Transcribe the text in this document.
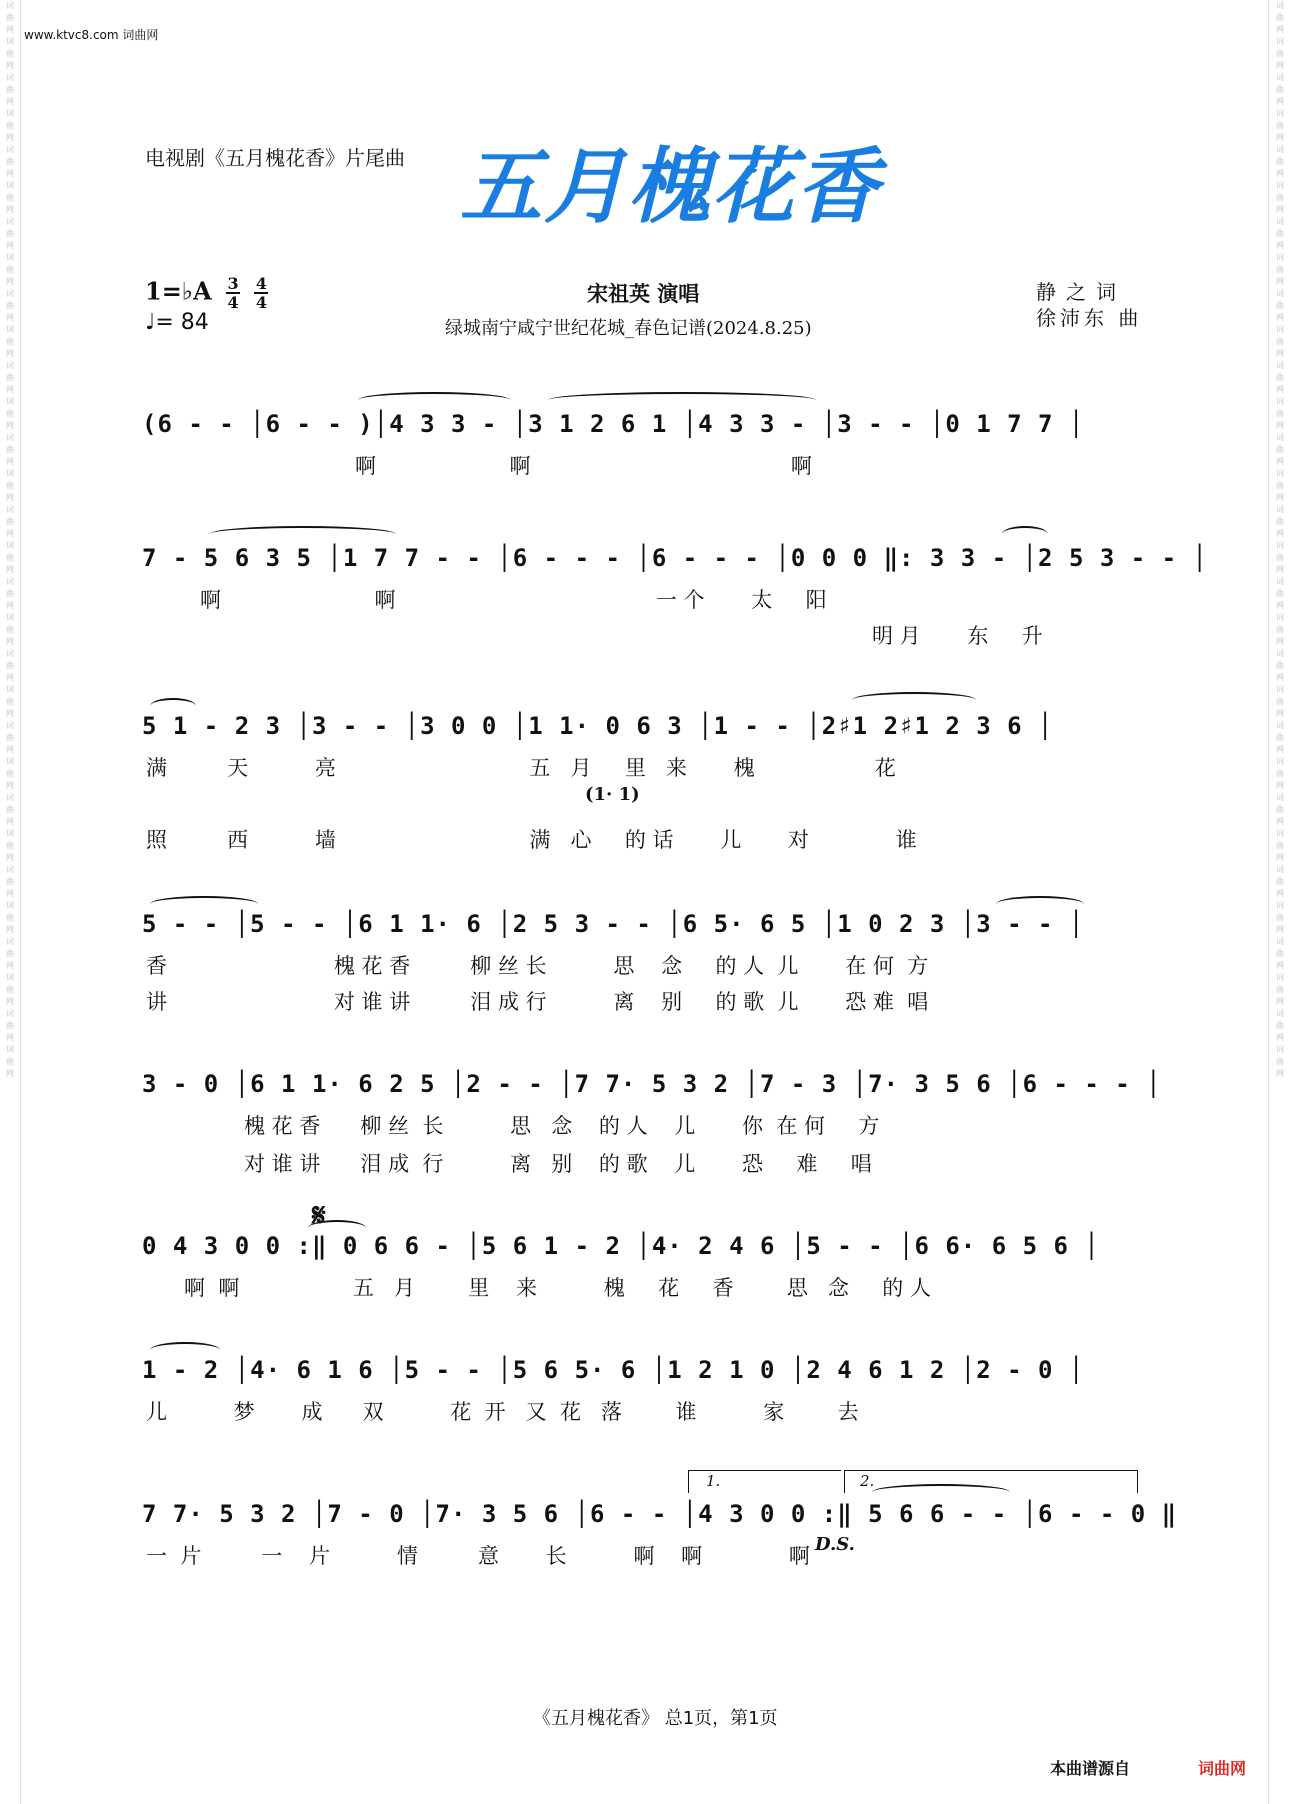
词
曲
网
词
曲
网
词
曲
网
词
曲
网
词
曲
网
词
曲
网
词
曲
网
词
曲
网
词
曲
网
词
曲
网
词
曲
网
词
曲
网
词
曲
网
词
曲
网
词
曲
网
词
曲
网
词
曲
网
词
曲
网
词
曲
网
词
曲
网
词
曲
网
词
曲
网
词
曲
网
词
曲
网
词
曲
网
词
曲
网
词
曲
网
词
曲
网
词
曲
网
词
曲
网
词
曲
网
词
曲
网
词
曲
网
词
曲
网
词
曲
网
词
曲
网
词
曲
网
词
曲
网
词
曲
网
词
曲
网
词
曲
网
词
曲
网
词
曲
网
词
曲
网
词
曲
网
词
曲
网
词
曲
网
词
曲
网
词
曲
网
词
曲
网
词
曲
网
词
曲
网
词
曲
网
词
曲
网
词
曲
网
词
曲
网
词
曲
网
词
曲
网
词
曲
网
词
曲
网
www.ktvc8.com 词曲网
电视剧《五月槐花香》片尾曲 五月槐花香
1=♭A $\frac{3}{4}$
$\frac{4}{4}$
♩= 84
宋祖英 演唱
绿城南宁咸宁世纪花城_春色记谱(2024.8.25)
静之词
徐沛东 曲
(6 - - │6 - - )│4 3 3 - │3 1 2 6 1 │4 3 3 - │3 - - │0 1 7 7 │
啊                    啊                                       啊
7 - 5 6 3 5 │1 7 7 - - │6 - - - │6 - - - │0 0 0 ‖: 3 3 - │2 5 3 - - │
啊                       啊                                       一 个       太     阳
明 月       东     升
5 1 - 2 3 │3 - - │3 0 0 │1 1· 0 6 3 │1 - - │2♯1 2♯1 2 3 6 │
满         天          亮                             五   月     里   来       槐                  花
(1· 1)
照         西          墙                             满   心     的 话       儿       对             谁
5 - - │5 - - │6 1 1· 6 │2 5 3 - - │6 5· 6 5 │1 0 2 3 │3 - - │
香                         槐 花 香         柳 丝 长          思    念     的 人  儿       在 何  方
讲                         对 谁 讲         泪 成 行          离    别     的 歌  儿       恐 难  唱
3 - 0 │6 1 1· 6 2 5 │2 - - │7 7· 5 3 2 │7 - 3 │7· 3 5 6 │6 - - - │
槐 花 香      柳 丝  长          思   念    的 人    儿       你  在 何     方
对 谁 讲      泪 成  行          离   别    的 歌    儿       恐     难     唱
𝄋
0 4 3 0 0 :‖ 0 6 6 - │5 6 1 - 2 │4· 2 4 6 │5 - - │6 6· 6 5 6 │
啊  啊                 五   月        里    来          槐     花     香        思   念     的 人
1 - 2 │4· 6 1 6 │5 - - │5 6 5· 6 │1 2 1 0 │2 4 6 1 2 │2 - 0 │
儿          梦       成      双          花  开   又  花   落        谁          家        去
1.	2.
7 7· 5 3 2 │7 - 0 │7· 3 5 6 │6 - - │4 3 0 0 :‖ 5 6 6 - - │6 - - 0 ‖
一  片         一    片          情         意       长          啊    啊             啊 D.S.
《五月槐花香》 总1页，第1页
本曲谱源自	词曲网
